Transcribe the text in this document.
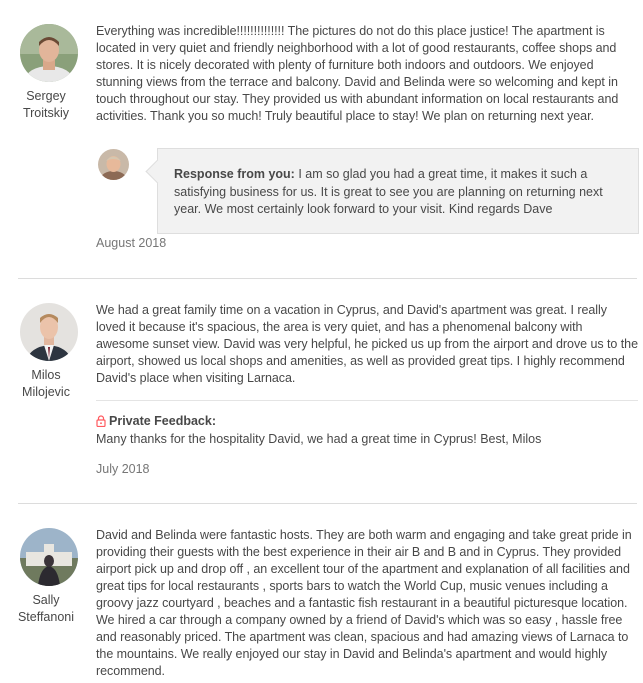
Sergey
Troitskiy
Everything was incredible!!!!!!!!!!!!!! The pictures do not do this place justice! The apartment is located in very quiet and friendly neighborhood with a lot of good restaurants, coffee shops and stores. It is nicely decorated with plenty of furniture both indoors and outdoors. We enjoyed stunning views from the terrace and balcony. David and Belinda were so welcoming and kept in touch throughout our stay. They provided us with abundant information on local restaurants and activities. Thank you so much! Truly beautiful place to stay! We plan on returning next year.
Response from you: I am so glad you had a great time, it makes it such a satisfying business for us. It is great to see you are planning on returning next year. We most certainly look forward to your visit. Kind regards Dave
August 2018
Milos
Milojevic
We had a great family time on a vacation in Cyprus, and David's apartment was great. I really loved it because it's spacious, the area is very quiet, and has a phenomenal balcony with awesome sunset view. David was very helpful, he picked us up from the airport and drove us to the airport, showed us local shops and amenities, as well as provided great tips. I highly recommend David's place when visiting Larnaca.
Private Feedback:
Many thanks for the hospitality David, we had a great time in Cyprus! Best, Milos
July 2018
Sally
Steffanoni
David and Belinda were fantastic hosts. They are both warm and engaging and take great pride in providing their guests with the best experience in their air B and B and in Cyprus. They provided airport pick up and drop off , an excellent tour of the apartment and explanation of all facilities and great tips for local restaurants , sports bars to watch the World Cup, music venues including a groovy jazz courtyard , beaches and a fantastic fish restaurant in a beautiful picturesque location. We hired a car through a company owned by a friend of David's which was so easy , hassle free and reasonably priced. The apartment was clean, spacious and had amazing views of Larnaca to the mountains. We really enjoyed our stay in David and Belinda's apartment and would highly recommend.
